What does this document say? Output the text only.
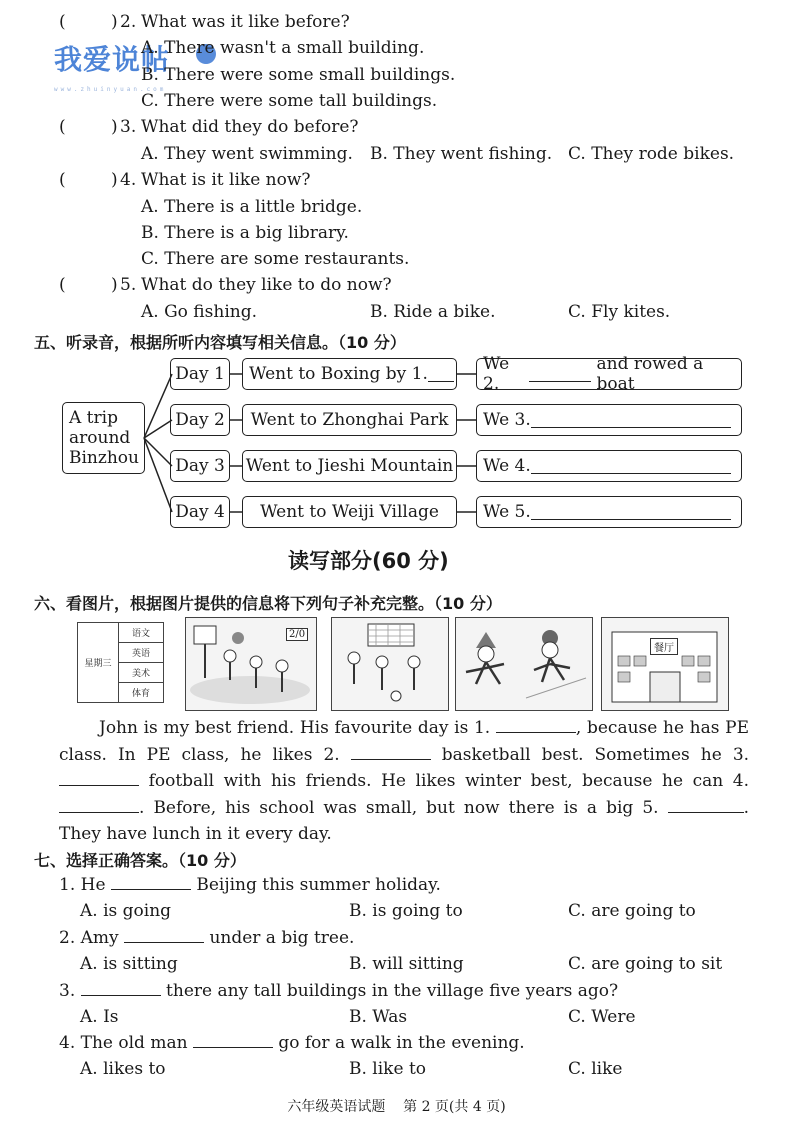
我爱说帖
www.zhuinyuan.com
(	) 2. What was it like before?
A. There wasn't a small building.
B. There were some small buildings.
C. There were some tall buildings.
(	) 3. What did they do before?
A. They went swimming. B. They went fishing. C. They rode bikes.
(	) 4. What is it like now?
A. There is a little bridge.
B. There is a big library.
C. There are some restaurants.
(	) 5. What do they like to do now?
A. Go fishing.	B. Ride a bike.	C. Fly kites.
五、听录音，根据所听内容填写相关信息。（10 分）
A trip
around
Binzhou
Day 1	Went to Boxing by 1.	We 2.
and rowed a boat
Day 2	Went to Zhonghai Park	We 3.
Day 3	Went to Jieshi Mountain We 4.
Day 4	Went to Weiji Village	We 5.
读写部分(60 分)
六、看图片，根据图片提供的信息将下列句子补充完整。（10 分）
星期三	语文
英语
美术
体育
2/0
餐厅
John is my best friend. His favourite day is 1.	, because he has PE class. In PE class, he likes 2.	basketball best. Sometimes he 3. football with his friends. He likes winter best, because he can 4.. Before, his school was small, but now there is a big 5.	. They have lunch in it every day.
七、选择正确答案。（10 分）
1. He	Beijing this summer holiday.
A. is going	B. is going to	C. are going to
2. Amy	under a big tree.
A. is sitting	B. will sitting	C. are going to sit
3.	there any tall buildings in the village five years ago?
A. Is	B. Was	C. Were
4. The old man	go for a walk in the evening.
A. likes to	B. like to	C. like
六年级英语试题    第 2 页(共 4 页)
